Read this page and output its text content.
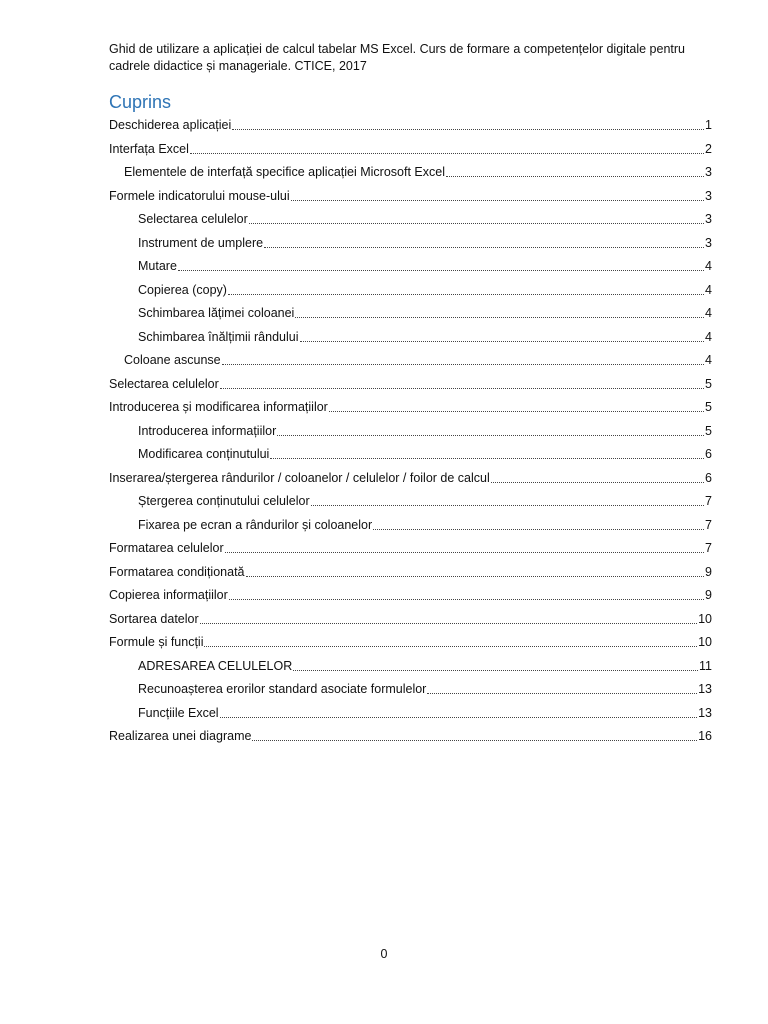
Ghid de utilizare a aplicației de calcul tabelar MS Excel. Curs de formare a competențelor digitale pentru
cadrele didactice și manageriale. CTICE, 2017
Cuprins
Deschiderea aplicației	1
Interfața Excel	2
Elementele de interfață specifice aplicației Microsoft Excel	3
Formele indicatorului mouse-ului	3
Selectarea celulelor	3
Instrument de umplere	3
Mutare	4
Copierea (copy)	4
Schimbarea lățimei coloanei	4
Schimbarea înălțimii rândului	4
Coloane ascunse	4
Selectarea celulelor	5
Introducerea și modificarea informațiilor	5
Introducerea informațiilor	5
Modificarea conținutului	6
Inserarea/ștergerea rândurilor / coloanelor / celulelor / foilor de calcul	6
Ștergerea conținutului celulelor	7
Fixarea pe ecran a rândurilor și coloanelor	7
Formatarea celulelor	7
Formatarea condiționată	9
Copierea informațiilor	9
Sortarea datelor	10
Formule și funcții	10
ADRESAREA CELULELOR	11
Recunoașterea erorilor standard asociate formulelor	13
Funcțiile Excel	13
Realizarea unei diagrame	16
0
